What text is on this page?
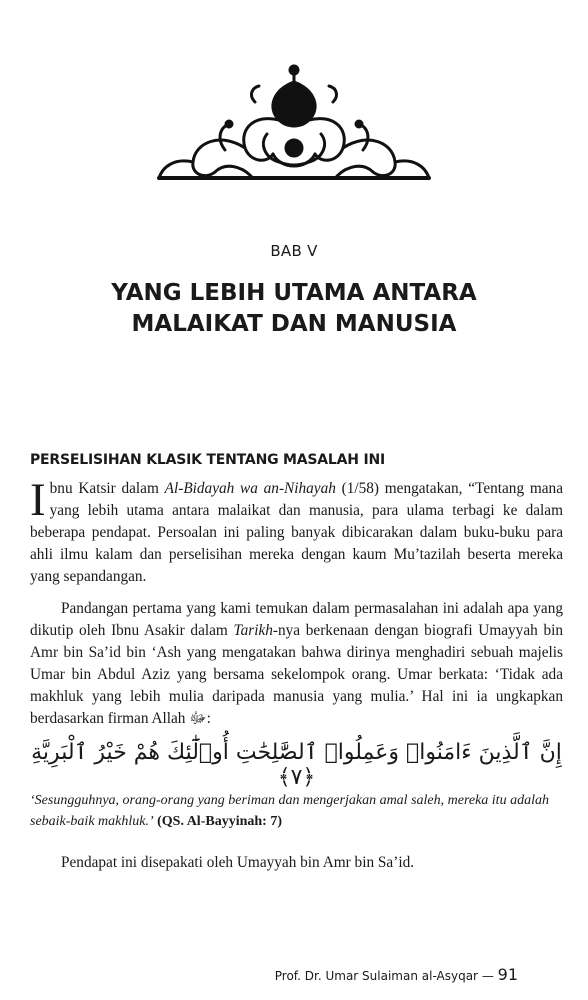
BAB V
YANG LEBIH UTAMA ANTARA
MALAIKAT DAN MANUSIA
PERSELISIHAN KLASIK TENTANG MASALAH INI
Ibnu Katsir dalam Al-Bidayah wa an-Nihayah (1/58) mengatakan, “Tentang mana yang lebih utama antara malaikat dan manusia, para ulama terbagi ke dalam beberapa pendapat. Persoalan ini paling banyak dibicarakan dalam buku-buku para ahli ilmu kalam dan perselisihan mereka dengan kaum Mu’tazilah beserta mereka yang sepandangan.
Pandangan pertama yang kami temukan dalam permasalahan ini adalah apa yang dikutip oleh Ibnu Asakir dalam Tarikh-nya berkenaan dengan biografi Umayyah bin Amr bin Sa’id bin ‘Ash yang mengatakan bahwa dirinya menghadiri sebuah majelis Umar bin Abdul Aziz yang bersama sekelompok orang. Umar berkata: ‘Tidak ada makhluk yang lebih mulia daripada manusia yang mulia.’ Hal ini ia ungkapkan berdasarkan firman Allah ﷻ:
إِنَّ ٱلَّذِينَ ءَامَنُوا۟ وَعَمِلُوا۟ ٱلصَّٰلِحَٰتِ أُو۟لَٰٓئِكَ هُمْ خَيْرُ ٱلْبَرِيَّةِ ﴿٧﴾
‘Sesungguhnya, orang-orang yang beriman dan mengerjakan amal saleh, mereka itu adalah sebaik-baik makhluk.’ (QS. Al-Bayyinah: 7)
Pendapat ini disepakati oleh Umayyah bin Amr bin Sa’id.
Prof. Dr. Umar Sulaiman al-Asyqar — 91
